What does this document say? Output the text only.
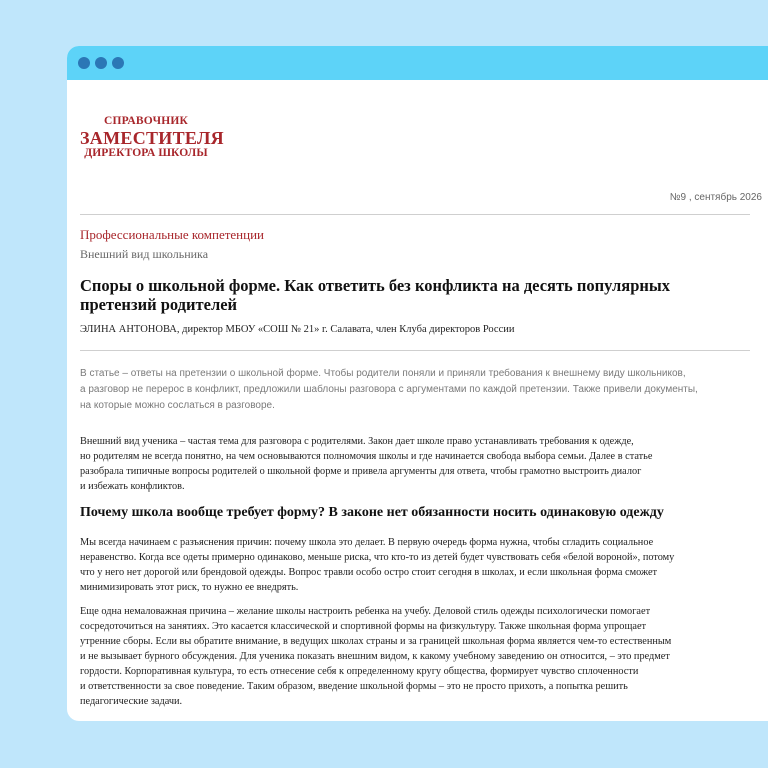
СПРАВОЧНИК
ЗАМЕСТИТЕЛЯ
ДИРЕКТОРА ШКОЛЫ
№9 , сентябрь 2026
Профессиональные компетенции
Внешний вид школьника
Споры о школьной форме. Как ответить без конфликта на десять популярных
претензий родителей
ЭЛИНА АНТОНОВА, директор МБОУ «СОШ № 21» г. Салавата, член Клуба директоров России
В статье – ответы на претензии о школьной форме. Чтобы родители поняли и приняли требования к внешнему виду школьников,
а разговор не перерос в конфликт, предложили шаблоны разговора с аргументами по каждой претензии. Также привели документы,
на которые можно сослаться в разговоре.
Внешний вид ученика – частая тема для разговора с родителями. Закон дает школе право устанавливать требования к одежде,
но родителям не всегда понятно, на чем основываются полномочия школы и где начинается свобода выбора семьи. Далее в статье
разобрала типичные вопросы родителей о школьной форме и привела аргументы для ответа, чтобы грамотно выстроить диалог
и избежать конфликтов.
Почему школа вообще требует форму? В законе нет обязанности носить одинаковую одежду
Мы всегда начинаем с разъяснения причин: почему школа это делает. В первую очередь форма нужна, чтобы сгладить социальное
неравенство. Когда все одеты примерно одинаково, меньше риска, что кто-то из детей будет чувствовать себя «белой вороной», потому
что у него нет дорогой или брендовой одежды. Вопрос травли особо остро стоит сегодня в школах, и если школьная форма сможет
минимизировать этот риск, то нужно ее внедрять.
Еще одна немаловажная причина – желание школы настроить ребенка на учебу. Деловой стиль одежды психологически помогает
сосредоточиться на занятиях. Это касается классической и спортивной формы на физкультуру. Также школьная форма упрощает
утренние сборы. Если вы обратите внимание, в ведущих школах страны и за границей школьная форма является чем-то естественным
и не вызывает бурного обсуждения. Для ученика показать внешним видом, к какому учебному заведению он относится, – это предмет
гордости. Корпоративная культура, то есть отнесение себя к определенному кругу общества, формирует чувство сплоченности
и ответственности за свое поведение. Таким образом, введение школьной формы – это не просто прихоть, а попытка решить
педагогические задачи.
